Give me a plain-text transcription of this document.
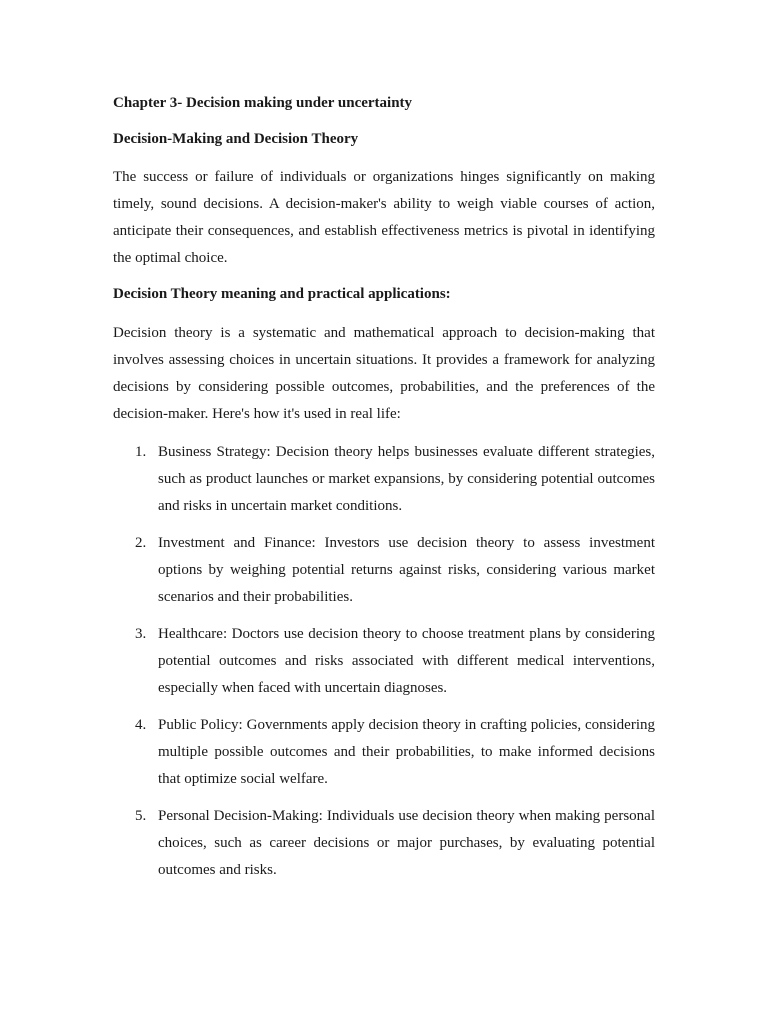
Chapter 3- Decision making under uncertainty

Decision-Making and Decision Theory

The success or failure of individuals or organizations hinges significantly on making timely, sound decisions. A decision-maker's ability to weigh viable courses of action, anticipate their consequences, and establish effectiveness metrics is pivotal in identifying the optimal choice.

Decision Theory meaning and practical applications:

Decision theory is a systematic and mathematical approach to decision-making that involves assessing choices in uncertain situations. It provides a framework for analyzing decisions by considering possible outcomes, probabilities, and the preferences of the decision-maker. Here's how it's used in real life:

1. Business Strategy: Decision theory helps businesses evaluate different strategies, such as product launches or market expansions, by considering potential outcomes and risks in uncertain market conditions.
2. Investment and Finance: Investors use decision theory to assess investment options by weighing potential returns against risks, considering various market scenarios and their probabilities.
3. Healthcare: Doctors use decision theory to choose treatment plans by considering potential outcomes and risks associated with different medical interventions, especially when faced with uncertain diagnoses.
4. Public Policy: Governments apply decision theory in crafting policies, considering multiple possible outcomes and their probabilities, to make informed decisions that optimize social welfare.
5. Personal Decision-Making: Individuals use decision theory when making personal choices, such as career decisions or major purchases, by evaluating potential outcomes and risks.
